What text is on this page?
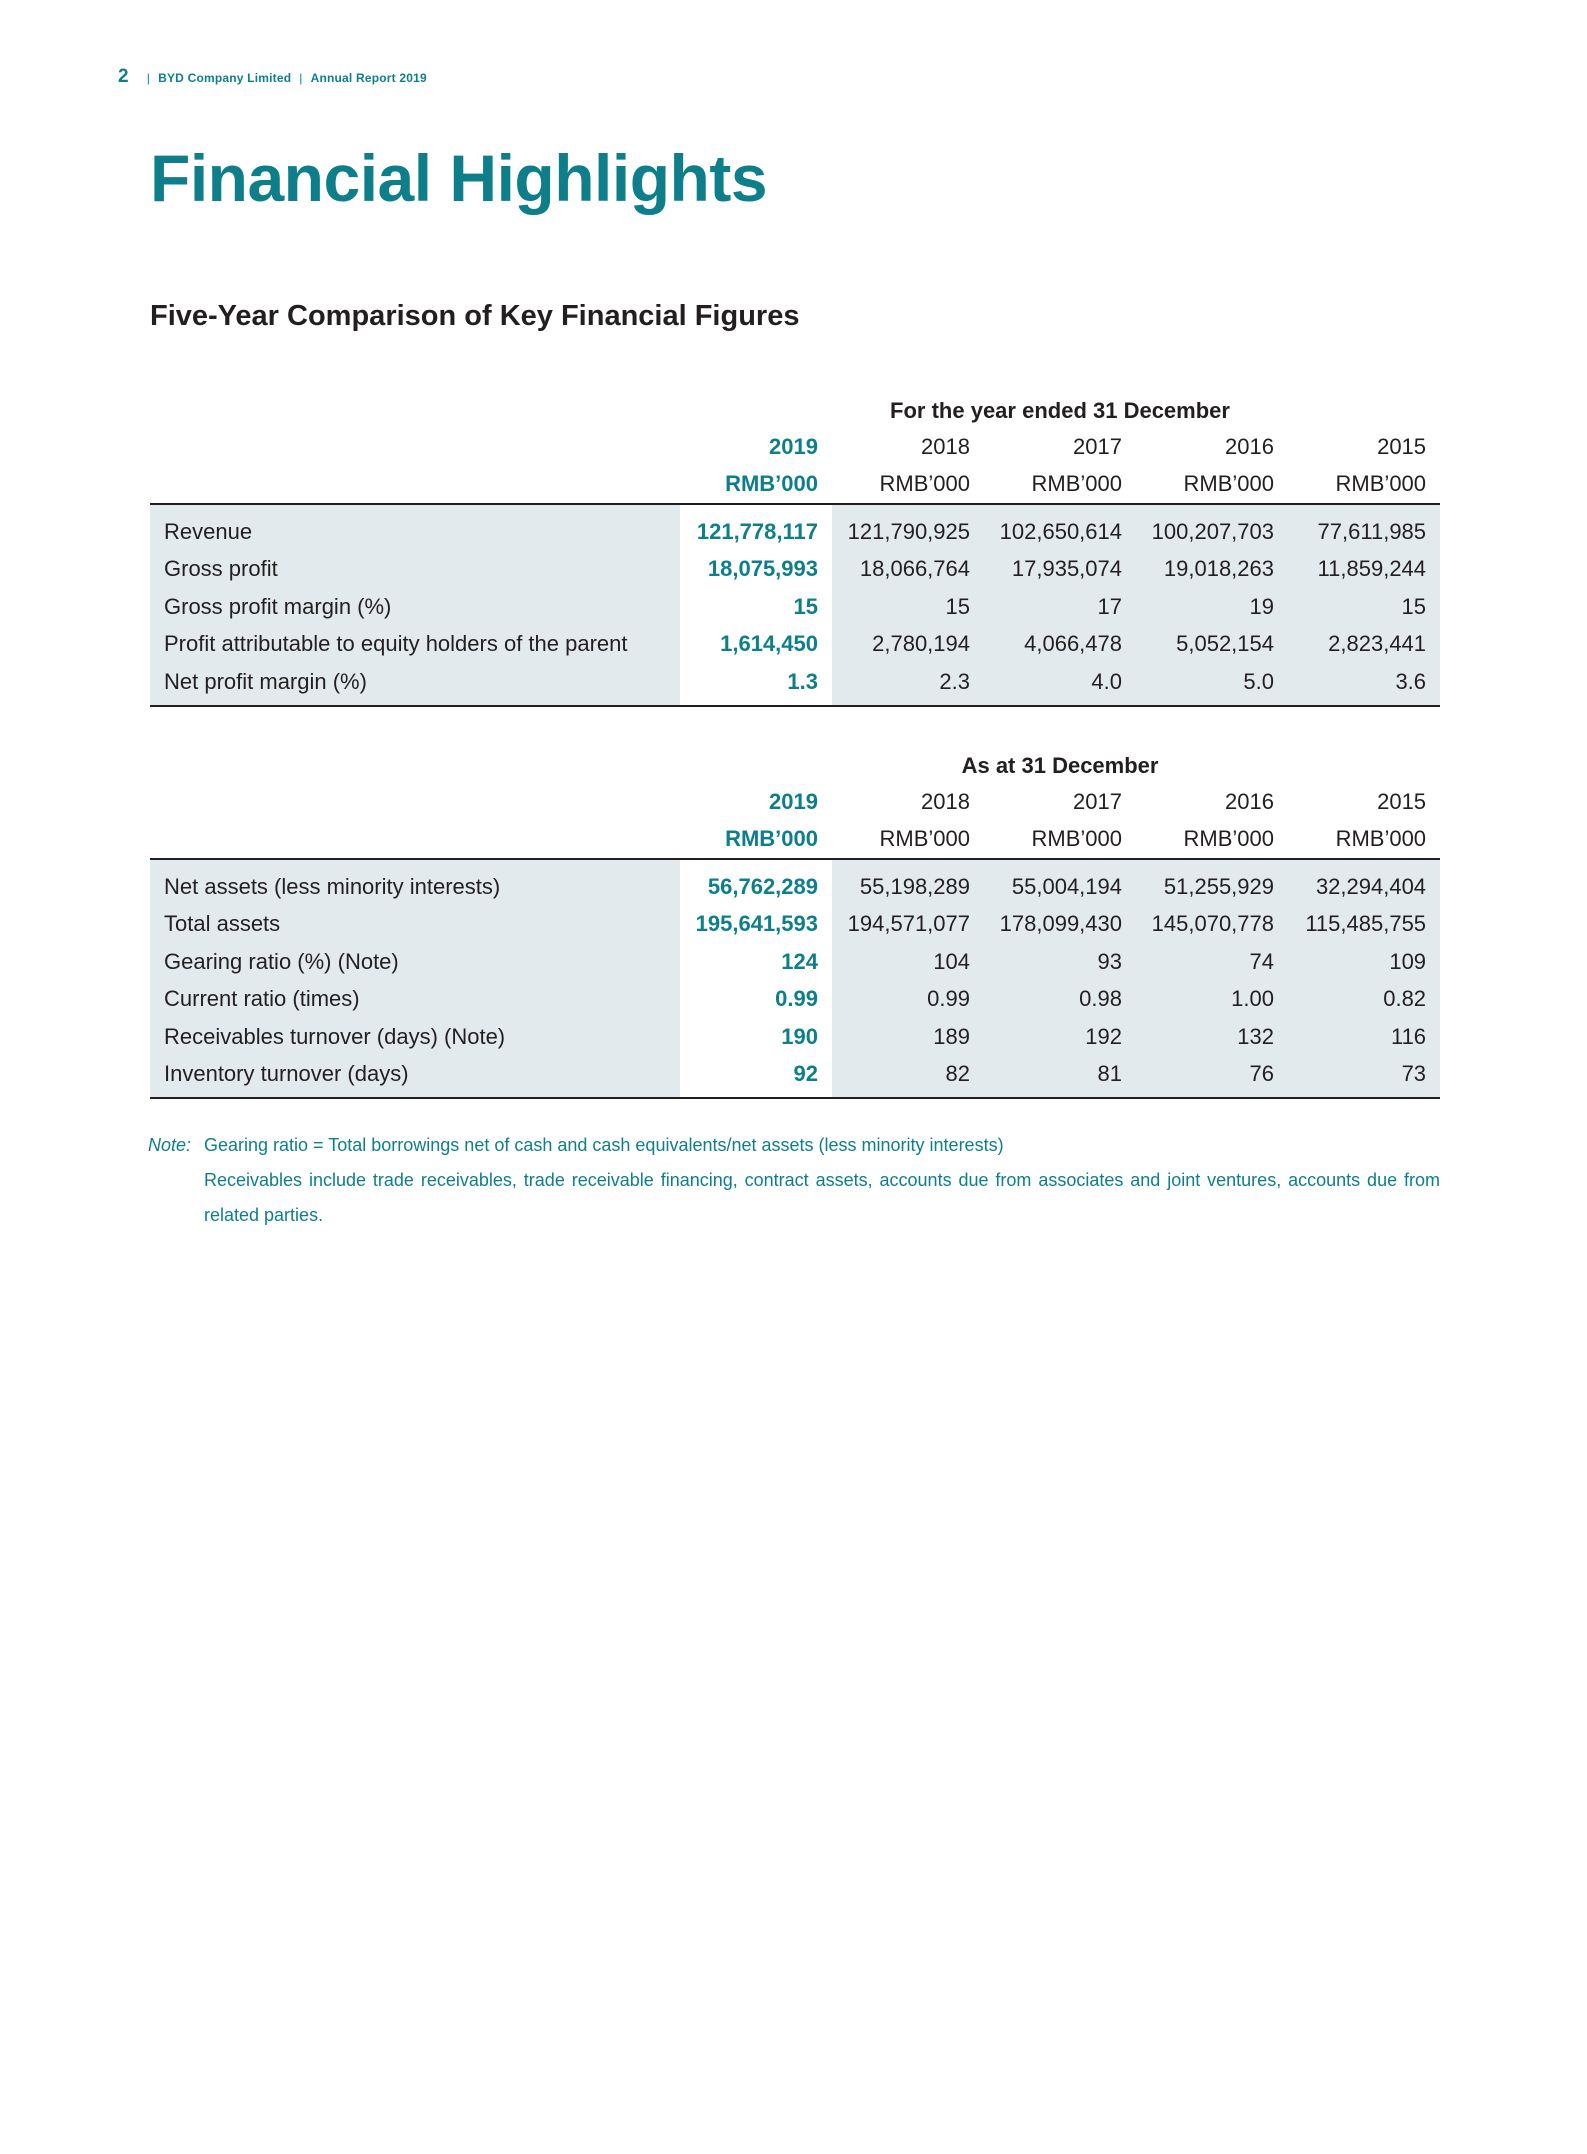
2 | BYD Company Limited | Annual Report 2019
Financial Highlights
Five-Year Comparison of Key Financial Figures
	For the year ended 31 December				
	2019	2018	2017	2016	2015
	RMB’000	RMB’000	RMB’000	RMB’000	RMB’000
Revenue	121,778,117	121,790,925	102,650,614	100,207,703	77,611,985
Gross profit	18,075,993	18,066,764	17,935,074	19,018,263	11,859,244
Gross profit margin (%)	15	15	17	19	15
Profit attributable to equity holders of the parent	1,614,450	2,780,194	4,066,478	5,052,154	2,823,441
Net profit margin (%)	1.3	2.3	4.0	5.0	3.6
	As at 31 December				
	2019	2018	2017	2016	2015
	RMB’000	RMB’000	RMB’000	RMB’000	RMB’000
Net assets (less minority interests)	56,762,289	55,198,289	55,004,194	51,255,929	32,294,404
Total assets	195,641,593	194,571,077	178,099,430	145,070,778	115,485,755
Gearing ratio (%) (Note)	124	104	93	74	109
Current ratio (times)	0.99	0.99	0.98	1.00	0.82
Receivables turnover (days) (Note)	190	189	192	132	116
Inventory turnover (days)	92	82	81	76	73
Note: Gearing ratio = Total borrowings net of cash and cash equivalents/net assets (less minority interests)
Receivables include trade receivables, trade receivable financing, contract assets, accounts due from associates and joint ventures, accounts due from related parties.
